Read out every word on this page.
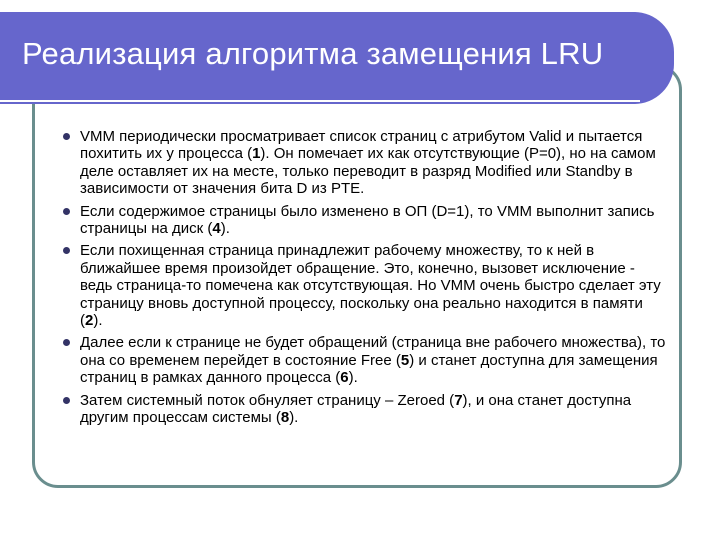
Реализация алгоритма замещения LRU
VMM периодически просматривает список страниц с атрибутом Valid и пытается похитить их у процесса (1). Он помечает их как отсутствующие (P=0), но на самом деле оставляет их на месте, только переводит в разряд Modified или Standby в зависимости от значения бита D из PTE.
Если содержимое страницы было изменено в ОП (D=1), то VMM выполнит запись страницы на диск (4).
Если похищенная страница принадлежит рабочему множеству, то к ней в ближайшее время произойдет обращение. Это, конечно, вызовет исключение - ведь страница-то помечена как отсутствующая. Но VMM очень быстро сделает эту страницу вновь доступной процессу, поскольку она реально находится в памяти (2).
Далее если к странице не будет обращений (страница вне рабочего множества), то она со временем перейдет в состояние Free (5) и станет доступна для замещения страниц в рамках данного процесса (6).
Затем системный поток обнуляет страницу – Zeroed (7), и она станет доступна другим процессам системы (8).
